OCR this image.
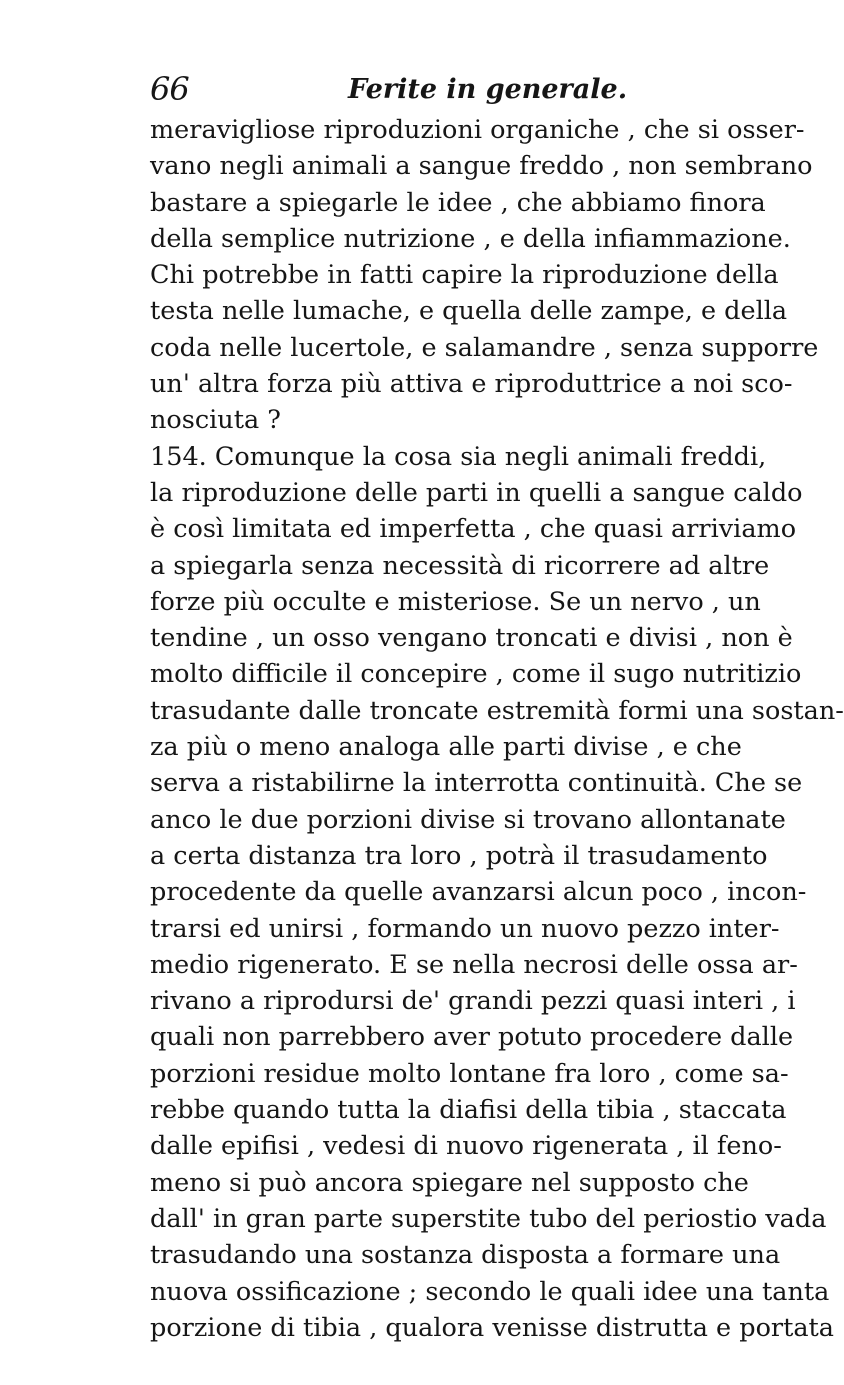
66	Ferite in generale.
meravigliose riproduzioni organiche , che si osser-
vano negli animali a sangue freddo , non sembrano
bastare a spiegarle le idee , che abbiamo finora
della semplice nutrizione , e della infiammazione.
Chi potrebbe in fatti capire la riproduzione della
testa nelle lumache, e quella delle zampe, e della
coda nelle lucertole, e salamandre , senza supporre
un' altra forza più attiva e riproduttrice a noi sco-
nosciuta ?
154. Comunque la cosa sia negli animali freddi,
la riproduzione delle parti in quelli a sangue caldo
è così limitata ed imperfetta , che quasi arriviamo
a spiegarla senza necessità di ricorrere ad altre
forze più occulte e misteriose. Se un nervo , un
tendine , un osso vengano troncati e divisi , non è
molto difficile il concepire , come il sugo nutritizio
trasudante dalle troncate estremità formi una sostan-
za più o meno analoga alle parti divise , e che
serva a ristabilirne la interrotta continuità. Che se
anco le due porzioni divise si trovano allontanate
a certa distanza tra loro , potrà il trasudamento
procedente da quelle avanzarsi alcun poco , incon-
trarsi ed unirsi , formando un nuovo pezzo inter-
medio rigenerato. E se nella necrosi delle ossa ar-
rivano a riprodursi de' grandi pezzi quasi interi , i
quali non parrebbero aver potuto procedere dalle
porzioni residue molto lontane fra loro , come sa-
rebbe quando tutta la diafisi della tibia , staccata
dalle epifisi , vedesi di nuovo rigenerata , il feno-
meno si può ancora spiegare nel supposto che
dall' in gran parte superstite tubo del periostio vada
trasudando una sostanza disposta a formare una
nuova ossificazione ; secondo le quali idee una tanta
porzione di tibia , qualora venisse distrutta e portata
